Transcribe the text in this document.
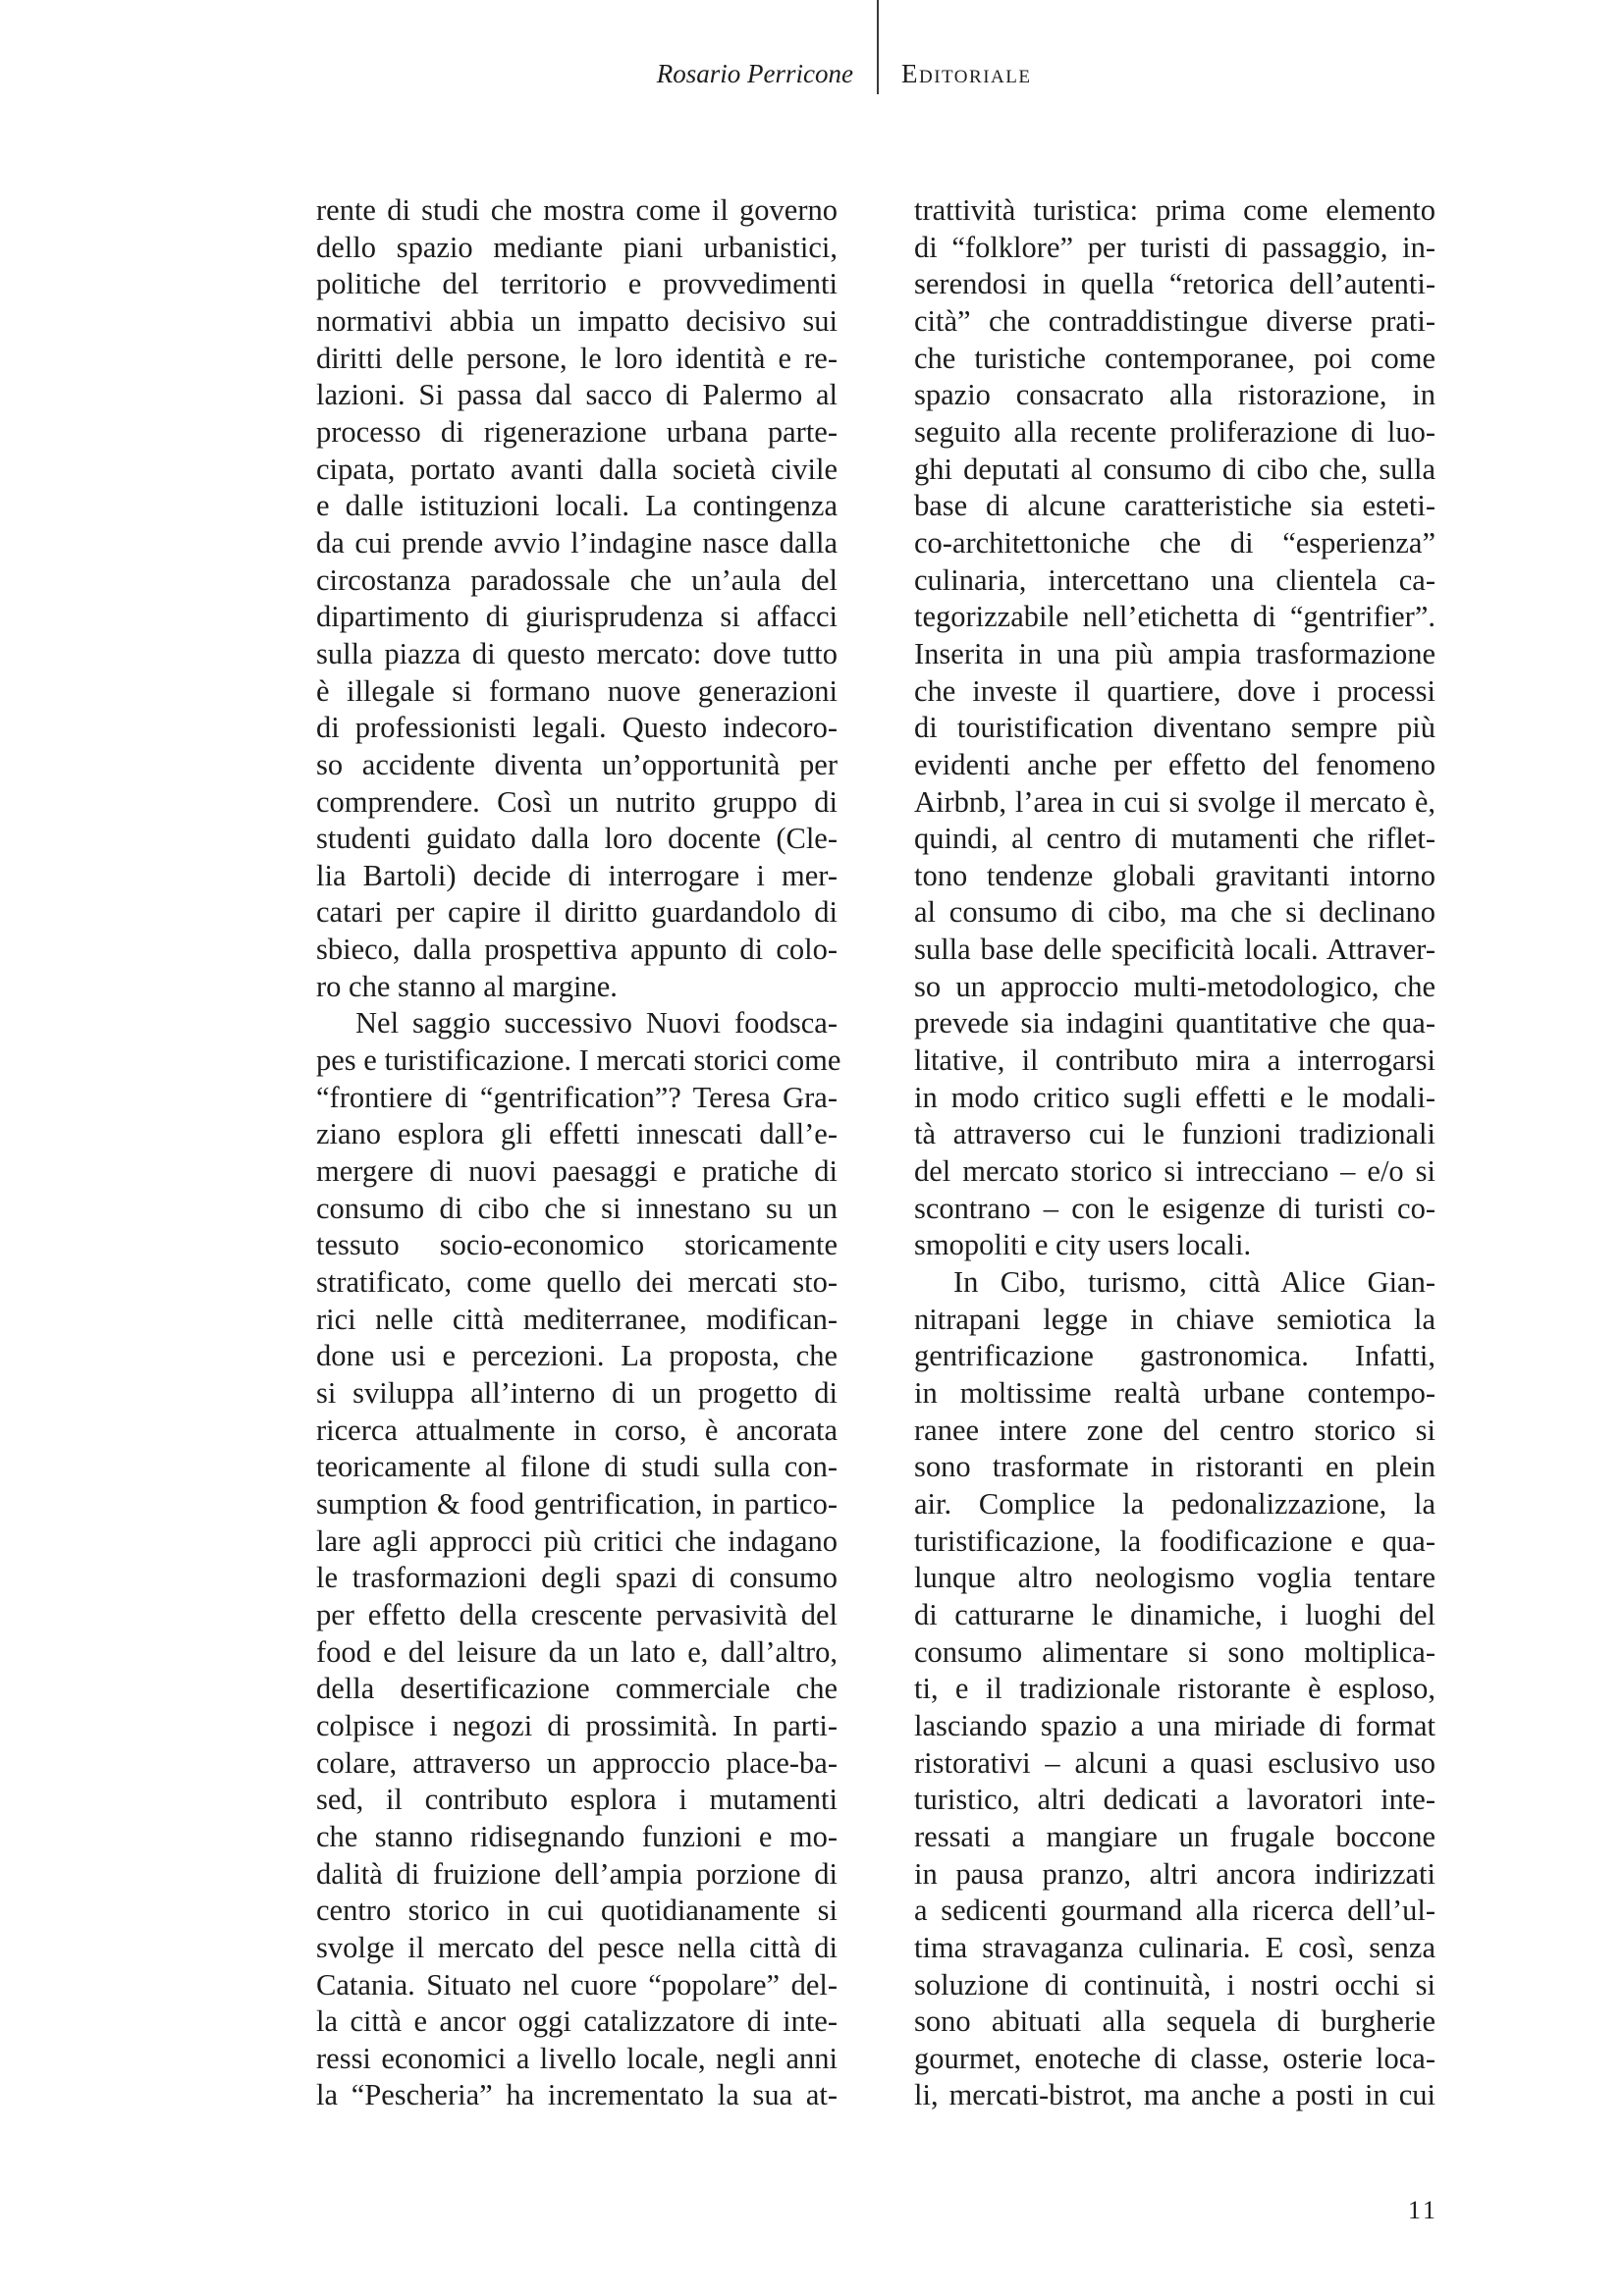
Rosario Perricone Editoriale

rente di studi che mostra come il governo

dello spazio mediante piani urbanistici,

politiche del territorio e provvedimenti

normativi abbia un impatto decisivo sui

diritti delle persone, le loro identità e re-

lazioni. Si passa dal sacco di Palermo al

processo di rigenerazione urbana parte-

cipata, portato avanti dalla società civile

e dalle istituzioni locali. La contingenza

da cui prende avvio l’indagine nasce dalla

circostanza paradossale che un’aula del

dipartimento di giurisprudenza si affacci

sulla piazza di questo mercato: dove tutto

è illegale si formano nuove generazioni

di professionisti legali. Questo indecoro-

so accidente diventa un’opportunità per

comprendere. Così un nutrito gruppo di

studenti guidato dalla loro docente (Cle-

lia Bartoli) decide di interrogare i mer-

catari per capire il diritto guardandolo di

sbieco, dalla prospettiva appunto di colo-

ro che stanno al margine.

Nel saggio successivo Nuovi foodsca-

pes e turistificazione. I mercati storici come

“frontiere di “gentrification”? Teresa Gra-

ziano esplora gli effetti innescati dall’e-

mergere di nuovi paesaggi e pratiche di

consumo di cibo che si innestano su un

tessuto socio-economico storicamente

stratificato, come quello dei mercati sto-

rici nelle città mediterranee, modifican-

done usi e percezioni. La proposta, che

si sviluppa all’interno di un progetto di

ricerca attualmente in corso, è ancorata

teoricamente al filone di studi sulla con-

sumption & food gentrification, in partico-

lare agli approcci più critici che indagano

le trasformazioni degli spazi di consumo

per effetto della crescente pervasività del

food e del leisure da un lato e, dall’altro,

della desertificazione commerciale che

colpisce i negozi di prossimità. In parti-

colare, attraverso un approccio place-ba-

sed, il contributo esplora i mutamenti

che stanno ridisegnando funzioni e mo-

dalità di fruizione dell’ampia porzione di

centro storico in cui quotidianamente si

svolge il mercato del pesce nella città di

Catania. Situato nel cuore “popolare” del-

la città e ancor oggi catalizzatore di inte-

ressi economici a livello locale, negli anni

la “Pescheria” ha incrementato la sua at-

trattività turistica: prima come elemento

di “folklore” per turisti di passaggio, in-

serendosi in quella “retorica dell’autenti-

cità” che contraddistingue diverse prati-

che turistiche contemporanee, poi come

spazio consacrato alla ristorazione, in

seguito alla recente proliferazione di luo-

ghi deputati al consumo di cibo che, sulla

base di alcune caratteristiche sia esteti-

co-architettoniche che di “esperienza”

culinaria, intercettano una clientela ca-

tegorizzabile nell’etichetta di “gentrifier”.

Inserita in una più ampia trasformazione

che investe il quartiere, dove i processi

di touristification diventano sempre più

evidenti anche per effetto del fenomeno

Airbnb, l’area in cui si svolge il mercato è,

quindi, al centro di mutamenti che riflet-

tono tendenze globali gravitanti intorno

al consumo di cibo, ma che si declinano

sulla base delle specificità locali. Attraver-

so un approccio multi-metodologico, che

prevede sia indagini quantitative che qua-

litative, il contributo mira a interrogarsi

in modo critico sugli effetti e le modali-

tà attraverso cui le funzioni tradizionali

del mercato storico si intrecciano – e/o si

scontrano – con le esigenze di turisti co-

smopoliti e city users locali.

In Cibo, turismo, città Alice Gian-

nitrapani legge in chiave semiotica la

gentrificazione gastronomica. Infatti,

in moltissime realtà urbane contempo-

ranee intere zone del centro storico si

sono trasformate in ristoranti en plein

air. Complice la pedonalizzazione, la

turistificazione, la foodificazione e qua-

lunque altro neologismo voglia tentare

di catturarne le dinamiche, i luoghi del

consumo alimentare si sono moltiplica-

ti, e il tradizionale ristorante è esploso,

lasciando spazio a una miriade di format

ristorativi – alcuni a quasi esclusivo uso

turistico, altri dedicati a lavoratori inte-

ressati a mangiare un frugale boccone

in pausa pranzo, altri ancora indirizzati

a sedicenti gourmand alla ricerca dell’ul-

tima stravaganza culinaria. E così, senza

soluzione di continuità, i nostri occhi si

sono abituati alla sequela di burgherie

gourmet, enoteche di classe, osterie loca-

li, mercati-bistrot, ma anche a posti in cui

11
